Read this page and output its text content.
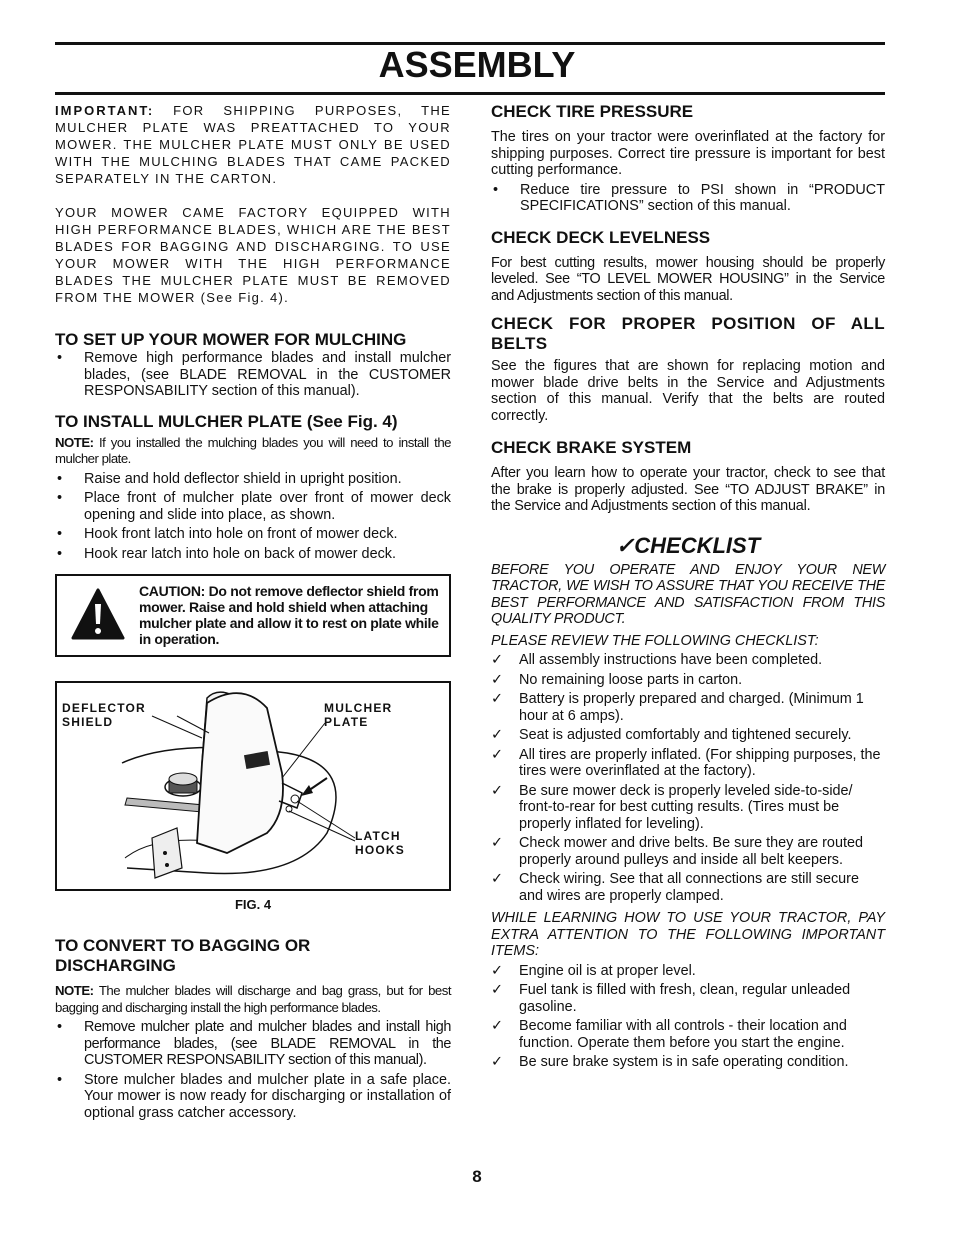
ASSEMBLY

IMPORTANT: FOR SHIPPING PURPOSES, THE MULCHER PLATE WAS PREATTACHED TO YOUR MOWER. THE MULCHER PLATE MUST ONLY BE USED WITH THE MULCHING BLADES THAT CAME PACKED SEPARATELY IN THE CARTON.

YOUR MOWER CAME FACTORY EQUIPPED WITH HIGH PERFORMANCE BLADES, WHICH ARE THE BEST BLADES FOR BAGGING AND DISCHARGING. TO USE YOUR MOWER WITH THE HIGH PERFORMANCE BLADES THE MULCHER PLATE MUST BE REMOVED FROM THE MOWER (See Fig. 4).

TO SET UP YOUR MOWER FOR MULCHING
• Remove high performance blades and install mulcher blades, (see BLADE REMOVAL in the CUSTOMER RESPONSABILITY section of this manual).
TO INSTALL MULCHER PLATE (See Fig. 4)

NOTE: If you installed the mulching blades you will need to install the mulcher plate.

• Raise and hold deflector shield in upright position.
• Place front of mulcher plate over front of mower deck opening and slide into place, as shown.
• Hook front latch into hole on front of mower deck.
• Hook rear latch into hole on back of mower deck.
CAUTION: Do not remove deflector shield from mower. Raise and hold shield when attaching mulcher plate and allow it to rest on plate while in operation.
DEFLECTOR
SHIELD
MULCHER
PLATE
LATCH
HOOKS
FIG. 4
TO CONVERT TO BAGGING OR
DISCHARGING

NOTE: The mulcher blades will discharge and bag grass, but for best bagging and discharging install the high performance blades.

• Remove mulcher plate and mulcher blades and install high performance blades, (see BLADE REMOVAL in the CUSTOMER RESPONSABILITY section of this manual).
• Store mulcher blades and mulcher plate in a safe place. Your mower is now ready for discharging or installation of optional grass catcher accessory.
CHECK TIRE PRESSURE

The tires on your tractor were overinflated at the factory for shipping purposes. Correct tire pressure is important for best cutting performance.

• Reduce tire pressure to PSI shown in “PRODUCT SPECIFICATIONS” section of this manual.
CHECK DECK LEVELNESS

For best cutting results, mower housing should be properly leveled. See “TO LEVEL MOWER HOUSING” in the Service and Adjustments section of this manual.

CHECK FOR PROPER POSITION OF ALL BELTS

See the figures that are shown for replacing motion and mower blade drive belts in the Service and Adjustments section of this manual. Verify that the belts are routed correctly.

CHECK BRAKE SYSTEM

After you learn how to operate your tractor, check to see that the brake is properly adjusted. See “TO ADJUST BRAKE” in the Service and Adjustments section of this manual.

✓CHECKLIST
BEFORE YOU OPERATE AND ENJOY YOUR NEW TRACTOR, WE WISH TO ASSURE THAT YOU RECEIVE THE BEST PERFORMANCE AND SATISFACTION FROM THIS QUALITY PRODUCT.
PLEASE REVIEW THE FOLLOWING CHECKLIST:
✓ All assembly instructions have been completed.
✓ No remaining loose parts in carton.
✓ Battery is properly prepared and charged. (Minimum 1 hour at 6 amps).
✓ Seat is adjusted comfortably and tightened securely.
✓ All tires are properly inflated. (For shipping purposes, the tires were overinflated at the factory).
✓ Be sure mower deck is properly leveled side-to-side/ front-to-rear for best cutting results. (Tires must be properly inflated for leveling).
✓ Check mower and drive belts. Be sure they are routed properly around pulleys and inside all belt keepers.
✓ Check wiring. See that all connections are still secure and wires are properly clamped.
WHILE LEARNING HOW TO USE YOUR TRACTOR, PAY EXTRA ATTENTION TO THE FOLLOWING IMPORTANT ITEMS:
✓ Engine oil is at proper level.
✓ Fuel tank is filled with fresh, clean, regular unleaded gasoline.
✓ Become familiar with all controls - their location and function. Operate them before you start the engine.
✓ Be sure brake system is in safe operating condition.
8
